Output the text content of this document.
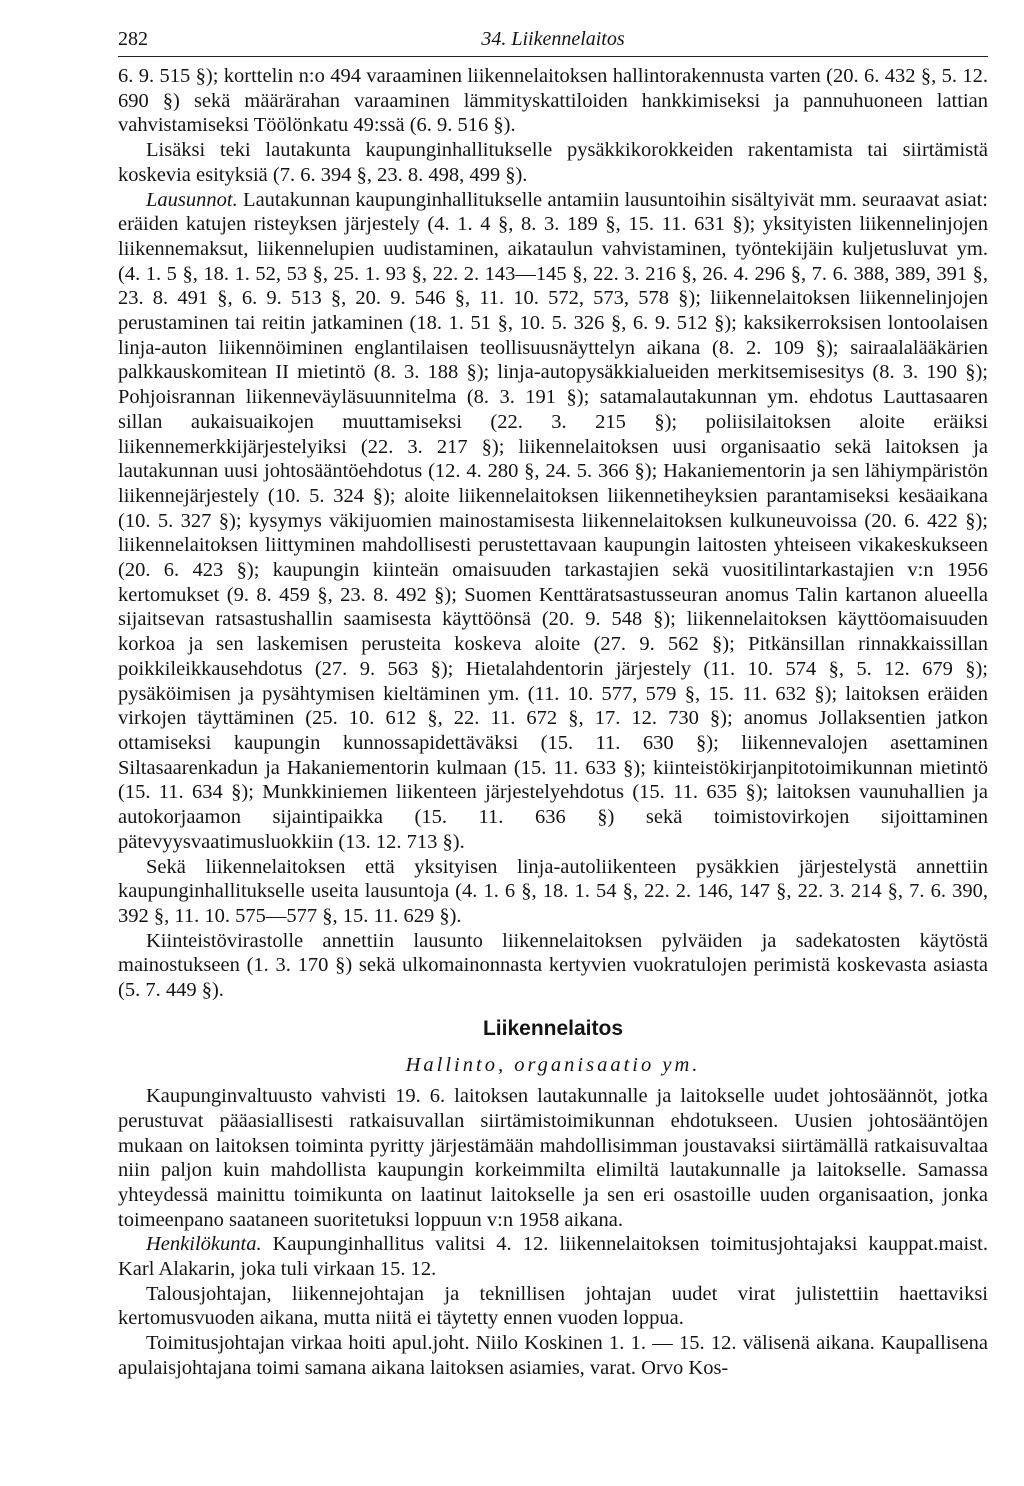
282	34. Liikennelaitos

6. 9. 515 §); korttelin n:o 494 varaaminen liikennelaitoksen hallintorakennusta varten (20. 6. 432 §, 5. 12. 690 §) sekä määrärahan varaaminen lämmityskattiloiden hankkimiseksi ja pannuhuoneen lattian vahvistamiseksi Töölönkatu 49:ssä (6. 9. 516 §).

Lisäksi teki lautakunta kaupunginhallitukselle pysäkkikorokkeiden rakentamista tai siirtämistä koskevia esityksiä (7. 6. 394 §, 23. 8. 498, 499 §).

Lausunnot. Lautakunnan kaupunginhallitukselle antamiin lausuntoihin sisältyivät mm. seuraavat asiat: eräiden katujen risteyksen järjestely (4. 1. 4 §, 8. 3. 189 §, 15. 11. 631 §); yksityisten liikennelinjojen liikennemaksut, liikennelupien uudistaminen, aikataulun vahvistaminen, työntekijäin kuljetusluvat ym. (4. 1. 5 §, 18. 1. 52, 53 §, 25. 1. 93 §, 22. 2. 143—145 §, 22. 3. 216 §, 26. 4. 296 §, 7. 6. 388, 389, 391 §, 23. 8. 491 §, 6. 9. 513 §, 20. 9. 546 §, 11. 10. 572, 573, 578 §); liikennelaitoksen liikennelinjojen perustaminen tai reitin jatkaminen (18. 1. 51 §, 10. 5. 326 §, 6. 9. 512 §); kaksikerroksisen lontoolaisen linja-auton liikennöiminen englantilaisen teollisuusnäyttelyn aikana (8. 2. 109 §); sairaalalääkärien palkkauskomitean II mietintö (8. 3. 188 §); linja-autopysäkkialueiden merkitsemisesitys (8. 3. 190 §); Pohjoisrannan liikenneväyläsuunnitelma (8. 3. 191 §); satamalautakunnan ym. ehdotus Lauttasaaren sillan aukaisuaikojen muuttamiseksi (22. 3. 215 §); poliisilaitoksen aloite eräiksi liikennemerkkijärjestelyiksi (22. 3. 217 §); liikennelaitoksen uusi organisaatio sekä laitoksen ja lautakunnan uusi johtosääntöehdotus (12. 4. 280 §, 24. 5. 366 §); Hakaniementorin ja sen lähiympäristön liikennejärjestely (10. 5. 324 §); aloite liikennelaitoksen liikennetiheyksien parantamiseksi kesäaikana (10. 5. 327 §); kysymys väkijuomien mainostamisesta liikennelaitoksen kulkuneuvoissa (20. 6. 422 §); liikennelaitoksen liittyminen mahdollisesti perustettavaan kaupungin laitosten yhteiseen vikakeskukseen (20. 6. 423 §); kaupungin kiinteän omaisuuden tarkastajien sekä vuositilintarkastajien v:n 1956 kertomukset (9. 8. 459 §, 23. 8. 492 §); Suomen Kenttäratsastusseuran anomus Talin kartanon alueella sijaitsevan ratsastushallin saamisesta käyttöönsä (20. 9. 548 §); liikennelaitoksen käyttöomaisuuden korkoa ja sen laskemisen perusteita koskeva aloite (27. 9. 562 §); Pitkänsillan rinnakkaissillan poikkileikkausehdotus (27. 9. 563 §); Hietalahdentorin järjestely (11. 10. 574 §, 5. 12. 679 §); pysäköimisen ja pysähtymisen kieltäminen ym. (11. 10. 577, 579 §, 15. 11. 632 §); laitoksen eräiden virkojen täyttäminen (25. 10. 612 §, 22. 11. 672 §, 17. 12. 730 §); anomus Jollaksentien jatkon ottamiseksi kaupungin kunnossapidettäväksi (15. 11. 630 §); liikennevalojen asettaminen Siltasaarenkadun ja Hakaniementorin kulmaan (15. 11. 633 §); kiinteistökirjanpitotoimikunnan mietintö (15. 11. 634 §); Munkkiniemen liikenteen järjestelyehdotus (15. 11. 635 §); laitoksen vaunuhallien ja autokorjaamon sijaintipaikka (15. 11. 636 §) sekä toimistovirkojen sijoittaminen pätevyysvaatimusluokkiin (13. 12. 713 §).

Sekä liikennelaitoksen että yksityisen linja-autoliikenteen pysäkkien järjestelystä annettiin kaupunginhallitukselle useita lausuntoja (4. 1. 6 §, 18. 1. 54 §, 22. 2. 146, 147 §, 22. 3. 214 §, 7. 6. 390, 392 §, 11. 10. 575—577 §, 15. 11. 629 §).

Kiinteistövirastolle annettiin lausunto liikennelaitoksen pylväiden ja sadekatosten käytöstä mainostukseen (1. 3. 170 §) sekä ulkomainonnasta kertyvien vuokratulojen perimistä koskevasta asiasta (5. 7. 449 §).

Liikennelaitos
Hallinto, organisaatio ym.

Kaupunginvaltuusto vahvisti 19. 6. laitoksen lautakunnalle ja laitokselle uudet johtosäännöt, jotka perustuvat pääasiallisesti ratkaisuvallan siirtämistoimikunnan ehdotukseen. Uusien johtosääntöjen mukaan on laitoksen toiminta pyritty järjestämään mahdollisimman joustavaksi siirtämällä ratkaisuvaltaa niin paljon kuin mahdollista kaupungin korkeimmilta elimiltä lautakunnalle ja laitokselle. Samassa yhteydessä mainittu toimikunta on laatinut laitokselle ja sen eri osastoille uuden organisaation, jonka toimeenpano saataneen suoritetuksi loppuun v:n 1958 aikana.

Henkilökunta. Kaupunginhallitus valitsi 4. 12. liikennelaitoksen toimitusjohtajaksi kauppat.maist. Karl Alakarin, joka tuli virkaan 15. 12.

Talousjohtajan, liikennejohtajan ja teknillisen johtajan uudet virat julistettiin haettaviksi kertomusvuoden aikana, mutta niitä ei täytetty ennen vuoden loppua.

Toimitusjohtajan virkaa hoiti apul.joht. Niilo Koskinen 1. 1. — 15. 12. välisenä aikana. Kaupallisena apulaisjohtajana toimi samana aikana laitoksen asiamies, varat. Orvo Kos-
